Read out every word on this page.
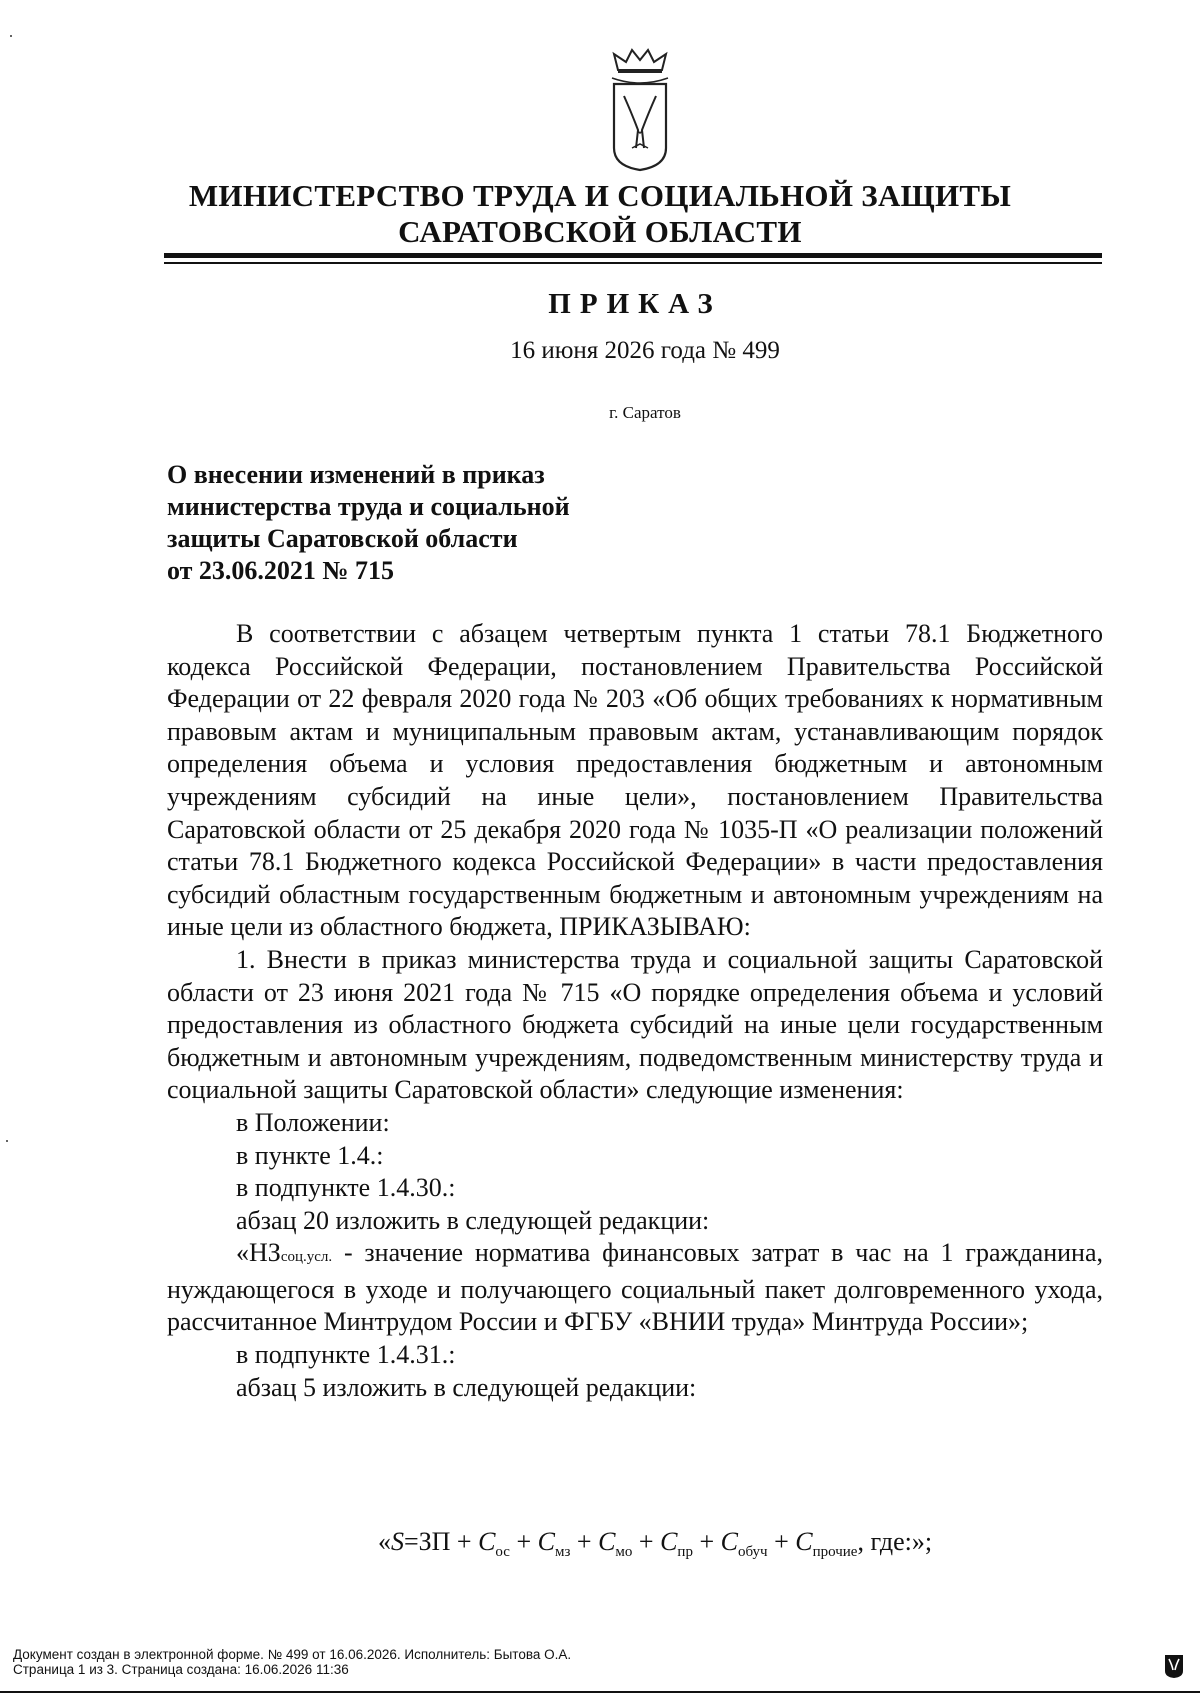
МИНИСТЕРСТВО ТРУДА И СОЦИАЛЬНОЙ ЗАЩИТЫ
САРАТОВСКОЙ ОБЛАСТИ
ПРИКАЗ
16 июня 2026 года № 499
г. Саратов
О внесении изменений в приказ
министерства труда и социальной
защиты Саратовской области
от 23.06.2021 № 715

В соответствии с абзацем четвертым пункта 1 статьи 78.1 Бюджетного кодекса Российской Федерации, постановлением Правительства Российской Федерации от 22 февраля 2020 года № 203 «Об общих требованиях к нормативным правовым актам и муниципальным правовым актам, устанавливающим порядок определения объема и условия предоставления бюджетным и автономным учреждениям субсидий на иные цели», постановлением Правительства Саратовской области от 25 декабря 2020 года № 1035-П «О реализации положений статьи 78.1 Бюджетного кодекса Российской Федерации» в части предоставления субсидий областным государственным бюджетным и автономным учреждениям на иные цели из областного бюджета, ПРИКАЗЫВАЮ:

1. Внести в приказ министерства труда и социальной защиты Саратовской области от 23 июня 2021 года № 715 «О порядке определения объема и условий предоставления из областного бюджета субсидий на иные цели государственным бюджетным и автономным учреждениям, подведомственным министерству труда и социальной защиты Саратовской области» следующие изменения:

в Положении:

в пункте 1.4.:

в подпункте 1.4.30.:

абзац 20 изложить в следующей редакции:

«НЗсоц.усл. - значение норматива финансовых затрат в час на 1 гражданина, нуждающегося в уходе и получающего социальный пакет долговременного ухода, рассчитанное Минтрудом России и ФГБУ «ВНИИ труда» Минтруда России»;

в подпункте 1.4.31.:

абзац 5 изложить в следующей редакции:

«$S=ЗП + С_{ос} + С_{мз} + С_{мо} + С_{пр} + С_{обуч} + С_{прочие}$, где:»;
Документ создан в электронной форме. № 499 от 16.06.2026. Исполнитель: Бытова О.А.
Страница 1 из 3. Страница создана: 16.06.2026 11:36
